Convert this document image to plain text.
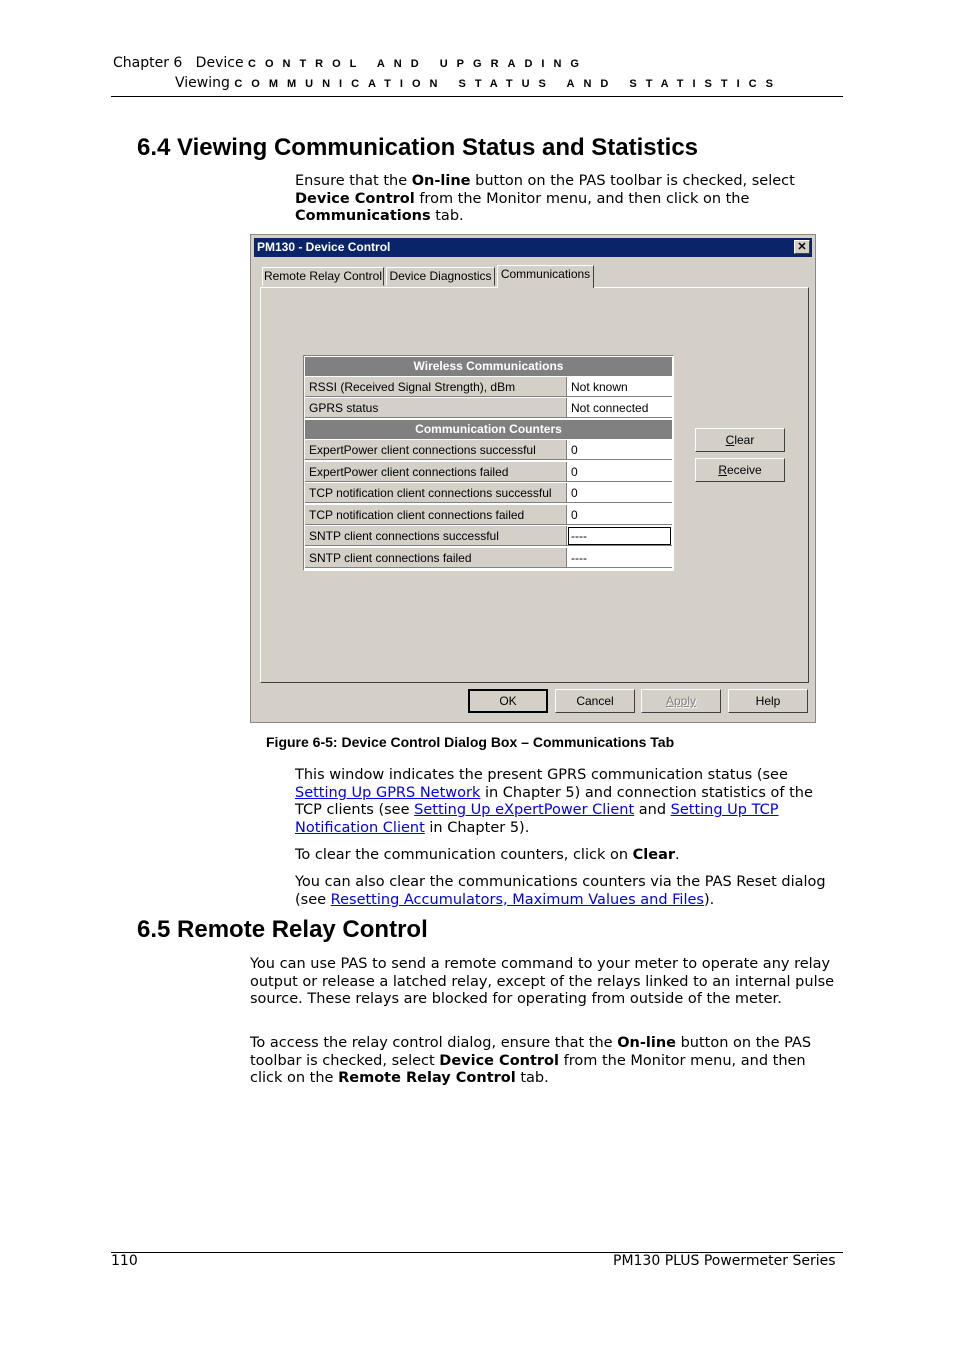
Chapter 6   Device CONTROL AND UPGRADING
Viewing COMMUNICATION STATUS AND STATISTICS
6.4 Viewing Communication Status and Statistics
Ensure that the On-line button on the PAS toolbar is checked, select Device Control from the Monitor menu, and then click on the Communications tab.
PM130 - Device Control	✕
Remote Relay Control Device Diagnostics Communications
Wireless Communications
RSSI (Received Signal Strength), dBm	Not known
GPRS status	Not connected
Communication Counters
ExpertPower client connections successful	0
ExpertPower client connections failed	0
TCP notification client connections successful	0
TCP notification client connections failed	0
SNTP client connections successful	----
SNTP client connections failed	----
Clear
Receive
OK	Cancel	Apply	Help
Figure 6-5: Device Control Dialog Box – Communications Tab
This window indicates the present GPRS communication status (see Setting Up GPRS Network in Chapter 5) and connection statistics of the TCP clients (see Setting Up eXpertPower Client and Setting Up TCP Notification Client in Chapter 5).
To clear the communication counters, click on Clear.
You can also clear the communications counters via the PAS Reset dialog (see Resetting Accumulators, Maximum Values and Files).
6.5 Remote Relay Control
You can use PAS to send a remote command to your meter to operate any relay output or release a latched relay, except of the relays linked to an internal pulse source. These relays are blocked for operating from outside of the meter.
To access the relay control dialog, ensure that the On-line button on the PAS toolbar is checked, select Device Control from the Monitor menu, and then click on the Remote Relay Control tab.
110	PM130 PLUS Powermeter Series
